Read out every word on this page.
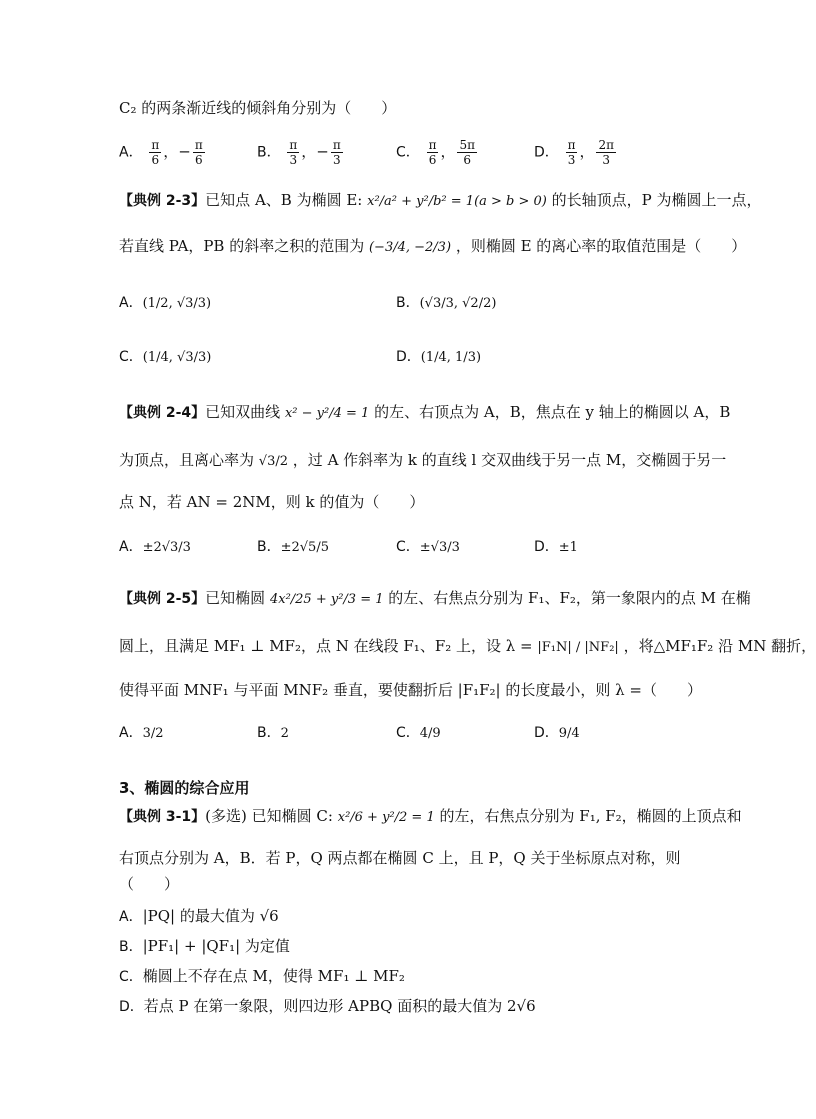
C₂ 的两条渐近线的倾斜角分别为（　　）
A． $\frac{\pi}{6}$ ，− $\frac{\pi}{6}$	B． $\frac{\pi}{3}$ ，− $\frac{\pi}{3}$	C． $\frac{\pi}{6}$ ， $\frac{5\pi}{6}$	D． $\frac{\pi}{3}$ ， $\frac{2\pi}{3}$
【典例 2-3】已知点 A、B 为椭圆 E: x²/a² + y²/b² = 1(a > b > 0) 的长轴顶点，P 为椭圆上一点，
若直线 PA，PB 的斜率之积的范围为 (−3/4, −2/3) ，则椭圆 E 的离心率的取值范围是（　　）
A．(1/2, √3/3)	B．(√3/3, √2/2)
C．(1/4, √3/3)	D．(1/4, 1/3)
【典例 2-4】已知双曲线 x² − y²/4 = 1 的左、右顶点为 A，B，焦点在 y 轴上的椭圆以 A，B
为顶点，且离心率为 √3/2 ，过 A 作斜率为 k 的直线 l 交双曲线于另一点 M，交椭圆于另一
点 N，若 AN = 2NM，则 k 的值为（　　）
A．±2√3/3	B．±2√5/5	C．±√3/3	D．±1
【典例 2-5】已知椭圆 4x²/25 + y²/3 = 1 的左、右焦点分别为 F₁、F₂，第一象限内的点 M 在椭
圆上，且满足 MF₁ ⊥ MF₂，点 N 在线段 F₁、F₂ 上，设 λ = |F₁N| / |NF₂| ，将△MF₁F₂ 沿 MN 翻折，
使得平面 MNF₁ 与平面 MNF₂ 垂直，要使翻折后 |F₁F₂| 的长度最小，则 λ =（　　）
A．3/2	B．2	C．4/9	D．9/4
3、椭圆的综合应用
【典例 3-1】(多选) 已知椭圆 C: x²/6 + y²/2 = 1 的左，右焦点分别为 F₁, F₂，椭圆的上顶点和
右顶点分别为 A，B．若 P，Q 两点都在椭圆 C 上，且 P，Q 关于坐标原点对称，则
（　　）
A．|PQ| 的最大值为 √6
B．|PF₁| + |QF₁| 为定值
C．椭圆上不存在点 M，使得 MF₁ ⊥ MF₂
D．若点 P 在第一象限，则四边形 APBQ 面积的最大值为 2√6
